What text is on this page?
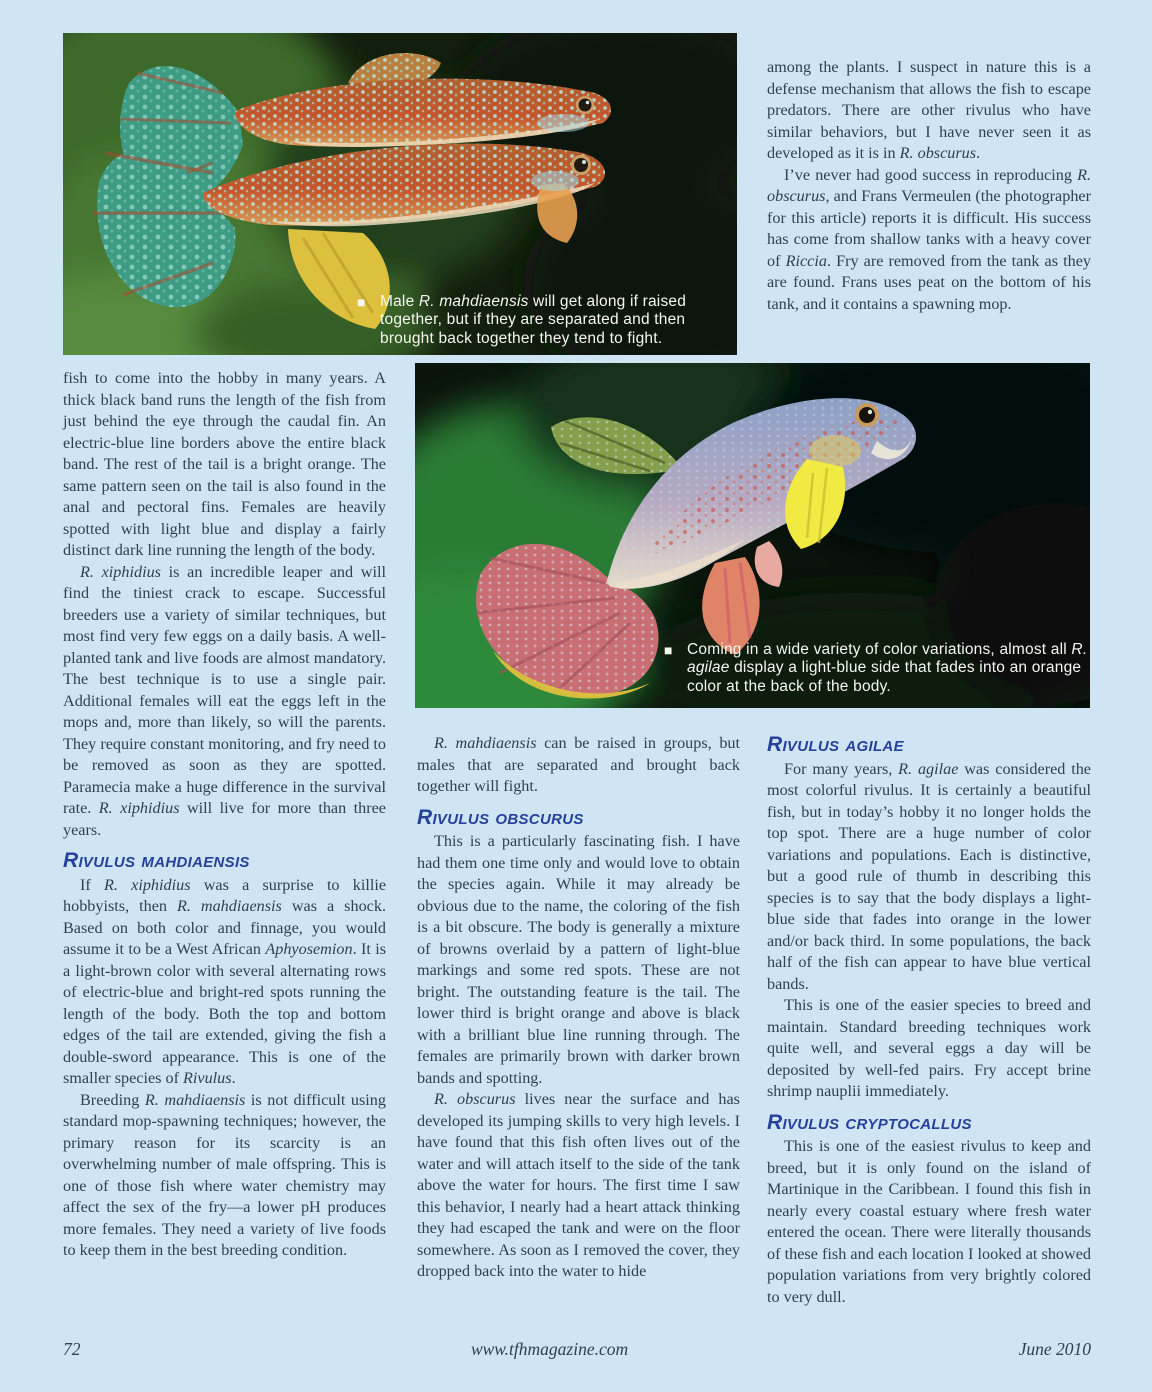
■ Male R. mahdiaensis will get along if raised together, but if they are separated and then brought back together they tend to fight.
■ Coming in a wide variety of color variations, almost all R. agilae display a light-blue side that fades into an orange color at the back of the body.

among the plants. I suspect in nature this is a defense mechanism that allows the fish to escape predators. There are other rivulus who have similar behaviors, but I have never seen it as developed as it is in R. obscurus.

I’ve never had good success in reproducing R. obscurus, and Frans Vermeulen (the photographer for this article) reports it is difficult. His success has come from shallow tanks with a heavy cover of Riccia. Fry are removed from the tank as they are found. Frans uses peat on the bottom of his tank, and it contains a spawning mop.

fish to come into the hobby in many years. A thick black band runs the length of the fish from just behind the eye through the caudal fin. An electric-blue line borders above the entire black band. The rest of the tail is a bright orange. The same pattern seen on the tail is also found in the anal and pectoral fins. Females are heavily spotted with light blue and display a fairly distinct dark line running the length of the body.

R. xiphidius is an incredible leaper and will find the tiniest crack to escape. Successful breeders use a variety of similar techniques, but most find very few eggs on a daily basis. A well-planted tank and live foods are almost mandatory. The best technique is to use a single pair. Additional females will eat the eggs left in the mops and, more than likely, so will the parents. They require constant monitoring, and fry need to be removed as soon as they are spotted. Paramecia make a huge difference in the survival rate. R. xiphidius will live for more than three years.

Rivulus mahdiaensis

If R. xiphidius was a surprise to killie hobbyists, then R. mahdiaensis was a shock. Based on both color and finnage, you would assume it to be a West African Aphyosemion. It is a light-brown color with several alternating rows of electric-blue and bright-red spots running the length of the body. Both the top and bottom edges of the tail are extended, giving the fish a double-sword appearance. This is one of the smaller species of Rivulus.

Breeding R. mahdiaensis is not difficult using standard mop-spawning techniques; however, the primary reason for its scarcity is an overwhelming number of male offspring. This is one of those fish where water chemistry may affect the sex of the fry—a lower pH produces more females. They need a variety of live foods to keep them in the best breeding condition.

R. mahdiaensis can be raised in groups, but males that are separated and brought back together will fight.

Rivulus obscurus

This is a particularly fascinating fish. I have had them one time only and would love to obtain the species again. While it may already be obvious due to the name, the coloring of the fish is a bit obscure. The body is generally a mixture of browns overlaid by a pattern of light-blue markings and some red spots. These are not bright. The outstanding feature is the tail. The lower third is bright orange and above is black with a brilliant blue line running through. The females are primarily brown with darker brown bands and spotting.

R. obscurus lives near the surface and has developed its jumping skills to very high levels. I have found that this fish often lives out of the water and will attach itself to the side of the tank above the water for hours. The first time I saw this behavior, I nearly had a heart attack thinking they had escaped the tank and were on the floor somewhere. As soon as I removed the cover, they dropped back into the water to hide

Rivulus agilae

For many years, R. agilae was considered the most colorful rivulus. It is certainly a beautiful fish, but in today’s hobby it no longer holds the top spot. There are a huge number of color variations and populations. Each is distinctive, but a good rule of thumb in describing this species is to say that the body displays a light-blue side that fades into orange in the lower and/or back third. In some populations, the back half of the fish can appear to have blue vertical bands.

This is one of the easier species to breed and maintain. Standard breeding techniques work quite well, and several eggs a day will be deposited by well-fed pairs. Fry accept brine shrimp nauplii immediately.

Rivulus cryptocallus

This is one of the easiest rivulus to keep and breed, but it is only found on the island of Martinique in the Caribbean. I found this fish in nearly every coastal estuary where fresh water entered the ocean. There were literally thousands of these fish and each location I looked at showed population variations from very brightly colored to very dull.

72	www.tfhmagazine.com	June 2010
